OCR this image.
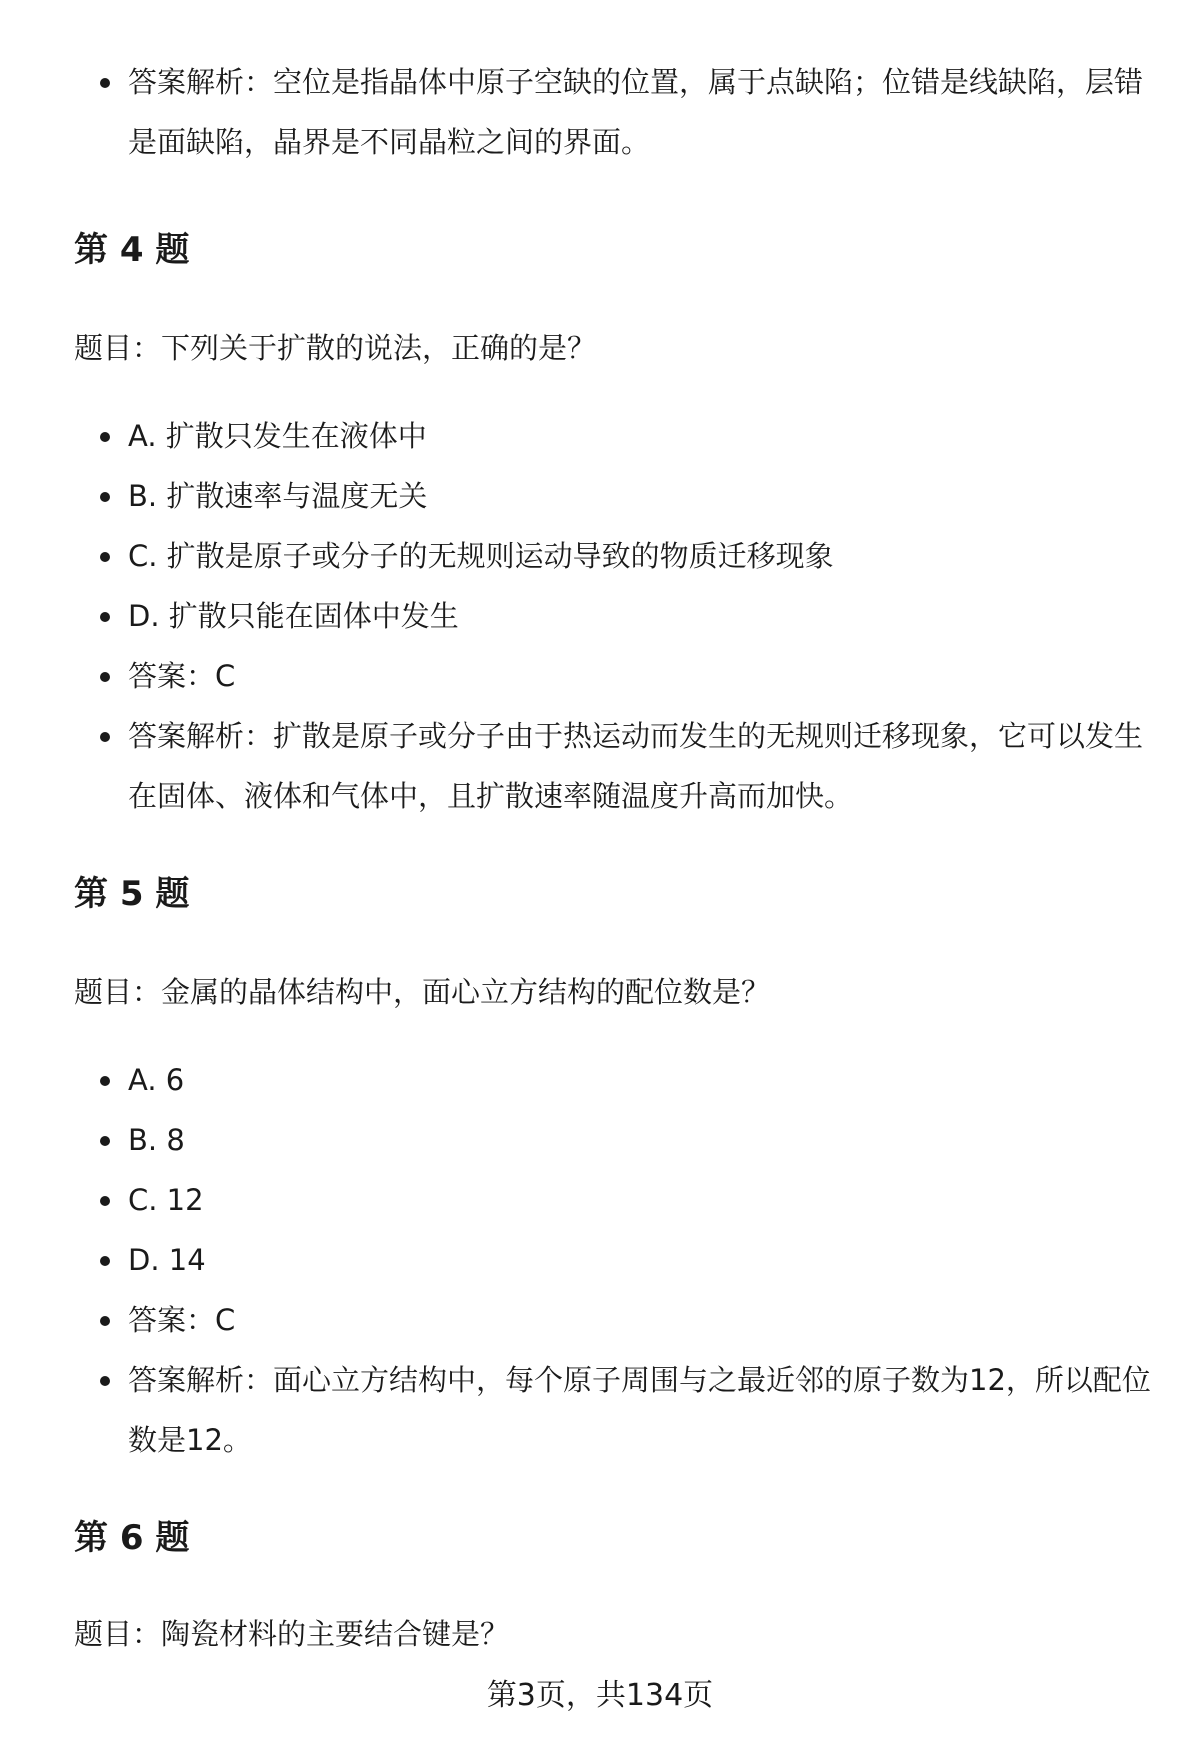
答案解析：空位是指晶体中原子空缺的位置，属于点缺陷；位错是线缺陷，层错是面缺陷，晶界是不同晶粒之间的界面。
第 4 题

题目：下列关于扩散的说法，正确的是？

A. 扩散只发生在液体中
B. 扩散速率与温度无关
C. 扩散是原子或分子的无规则运动导致的物质迁移现象
D. 扩散只能在固体中发生
答案：C
答案解析：扩散是原子或分子由于热运动而发生的无规则迁移现象，它可以发生在固体、液体和气体中，且扩散速率随温度升高而加快。
第 5 题

题目：金属的晶体结构中，面心立方结构的配位数是？

A. 6
B. 8
C. 12
D. 14
答案：C
答案解析：面心立方结构中，每个原子周围与之最近邻的原子数为12，所以配位数是12。
第 6 题

题目：陶瓷材料的主要结合键是？

第3页，共134页
